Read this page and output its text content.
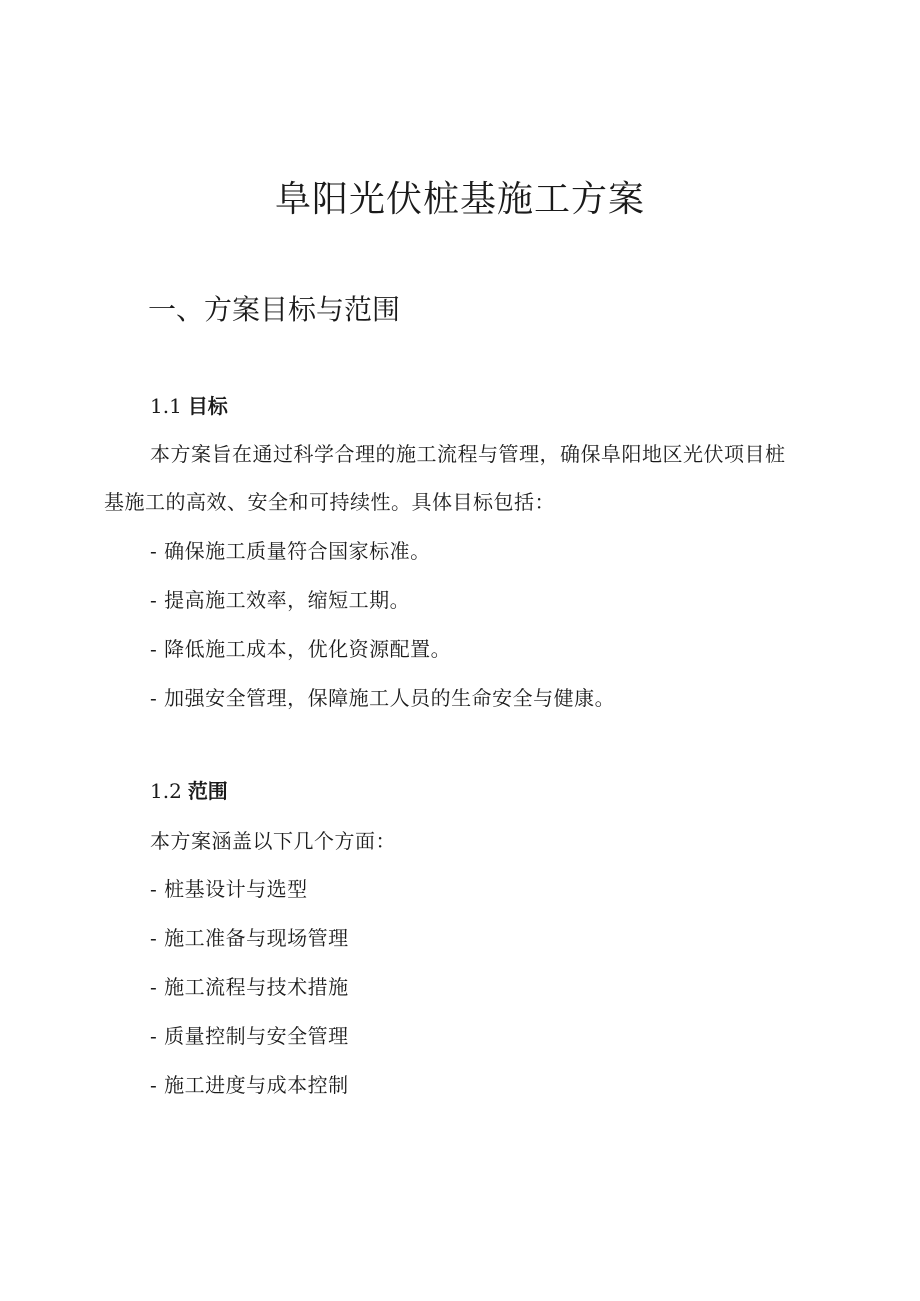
阜阳光伏桩基施工方案
一、方案目标与范围
1.1 目标

本方案旨在通过科学合理的施工流程与管理，确保阜阳地区光伏项目桩基施工的高效、安全和可持续性。具体目标包括：

- 确保施工质量符合国家标准。

- 提高施工效率，缩短工期。

- 降低施工成本，优化资源配置。

- 加强安全管理，保障施工人员的生命安全与健康。

1.2 范围

本方案涵盖以下几个方面：

- 桩基设计与选型

- 施工准备与现场管理

- 施工流程与技术措施

- 质量控制与安全管理

- 施工进度与成本控制
